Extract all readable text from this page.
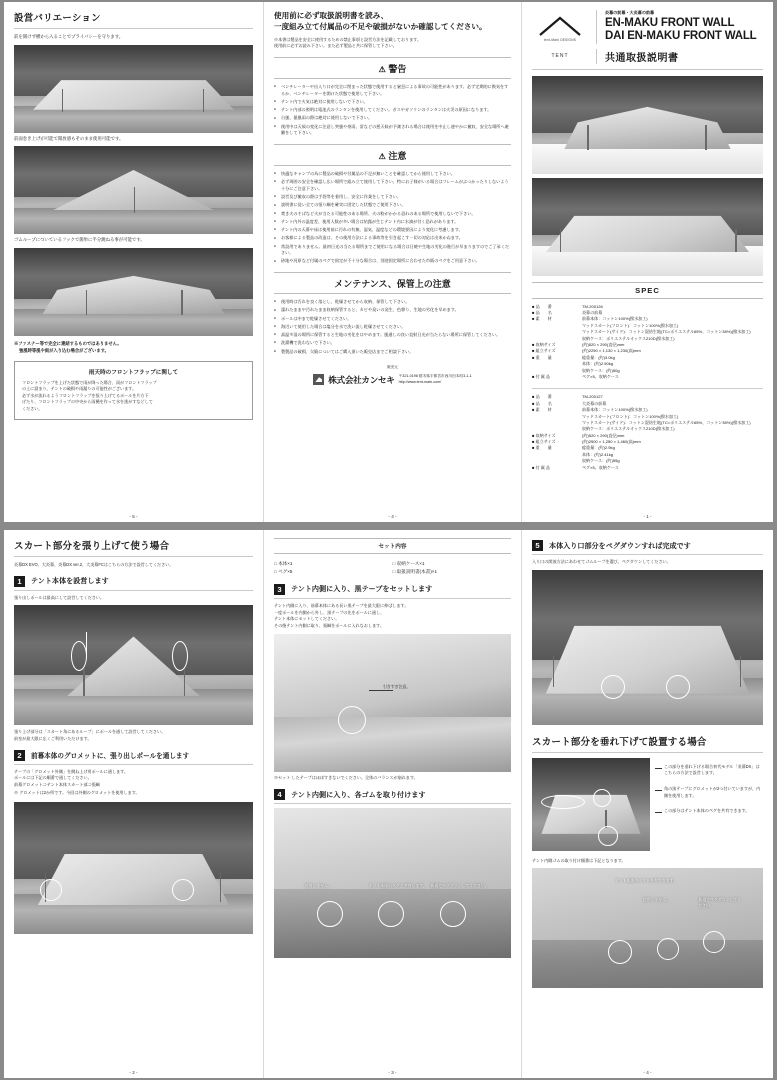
設営バリエーション
前を開けず横から入ることでプライバシーを守ります。
前面巻き上げが可能で開放感もそのまま使用可能です。
ゴムループについているフックで簡単に半分跳ねる事が可能です。
※ファスナー等で完全に連結するものではありません。
強風時等風や雨が入り込む場合がございます。
雨天時のフロントフラップに関して
フロントフラップを上げた状態で雨が降った場合、雨がフロントフラップ
の上に溜まり、テントの破損や雨漏りの可能性がございます。
必ず水が流れるようフロントフラップを張り上げてるポールを片方下
げたり、フロントフラップの中央から雨樋を作って水を逃がすなどして
ください。
- 5 -
使用前に必ず取扱説明書を読み、
一度組み立て付属品の不足や破損がないか確認してください。
※本書は製品を安全に使用するための禁止事項と設営方法を記載しております。
使用前に必ずお読み下さい。また必ず製品と共に保管して下さい。
⚠ 警告
● ベンチレーターや出入り口が完全に閉まった状態で使用すると窒息による事故の可能性があります。必ず定期的に換気をするか、ベンチレーターを開けた状態で使用して下さい。
● テント内で火気は絶対に使用しないで下さい。
● テント内部の照明は電池式のランタンを使用してください。ガスやガソリンのランタンは火災の原因になります。
● 台風、暴風雨の際は絶対に使用しないで下さい。
● 使用中は天候の変化に注意し突風や豪雨、雷などの悪天候が予測される場合は使用を中止し速やかに撤収、安全な場所へ避難をして下さい。
⚠ 注意
● 快適なキャンプの為に製品の破損や付属品の不足が無いことを確認してから使用して下さい。
● 必ず周囲の安全を確認し広い場所で組み立て使用して下さい。特にお子様がいる場合はフレームがぶつかったりしないよう十分にご注意下さい。
● 設営及び撤収の際は手袋等を着用し、安全に作業をして下さい。
● 説明書に従い全ての張り綱を確実に固定した状態でご使用下さい。
● 焚き火のそばなど火が当たる可能性のある場所、火の粉がかかる恐れのある場所で使用しないで下さい。
● テント内外の温度差、使用人数が多い場合は結露が生じテント内に水滴が付く恐れがあります。
● テント内の天幕や床は使用前に汚れの有無、湿気、温度などの環境要因により変化に考慮します。
● お客様による製品の改造は、その使用方法による事故等を引き起こす一切の対応は出来かねます。
● 常設用でありません。最初日光の当たる場所までご使用になる場合は日焼や生地の劣化の進行が早まりますのでご了承ください。
● 砂地や河原など付属のペグで固定が不十分な場合は、別途固定場所に合わせた市販のペグをご用意下さい。
メンテナンス、保管上の注意
● 使用時は汚れを良く落とし、乾燥させてから収納、保管して下さい。
● 濡れたままや汚れたまま収納保管すると、カビや臭いの発生、色移り、生地の劣化を早めます。
● ポールは中まで乾燥させてください。
● 海辺いて使用した場合は塩分を水で洗い流し乾燥させてください。
● 高温多湿の場所に保管すると生地の劣化をはやめます。風通しの良い直射日光が当たらない場所に保管してください。
● 洗濯機で洗わないで下さい。
● 製製品の破損、欠陥についてはご購入頂いた販売店までご相談下さい。
販売元
株式会社カンセキ 〒321-0198 栃木県宇都宮市西川田本町3-1-1
http://www.tent-mark.com/
- 4 -
tent-Mark DESIGNS
炎幕の前幕・大炎幕の前幕
EN-MAKU FRONT WALL
DAI EN-MAKU FRONT WALL
TENT	共通取扱説明書
SPEC
■ 品　　番	TM-200126
■ 品　　名	炎幕の前幕
■ 素　　材	前幕本体：コットン100%(撥水加工)
マッドスカート(フロント)：コットン100%(撥水加工)
マッドスカート(サイド)：コットン混紡生地(TC=ポリエステル65%、コットン35%)(撥水加工)
収納ケース：ポリエステルオックス210D(撥水加工)
■ 収納サイズ	(約)520 × 290(直径)mm
■ 組立サイズ	(約)2250 × 1,130 × 1,230(高)mm
■ 重　　量	総重量：(約)3.0kg
本体：(約)2.50kg
収納ケース：(約)50g
■ 付 属 品	ペグ×5、収納ケース
■ 品　　番	TM-200127
■ 品　　名	大炎幕の前幕
■ 素　　材	前幕本体：コットン100%(撥水加工)
マッドスカート(フロント)：コットン100%(撥水加工)
マッドスカート(サイド)：コットン混紡生地(TC=ポリエステル65%、コットン35%)(撥水加工)
収納ケース：ポリエステルオックス210D(撥水加工)
■ 収納サイズ	(約)520 × 290(直径)mm
■ 組立サイズ	(約)2500 × 1,250 × 1,460(高)mm
■ 重　　量	総重量：(約)2.9kg
本体：(約)2.41kg
収納ケース：(約)55g
■ 付 属 品	ペグ×5、収納ケース
- 1 -
スカート部分を張り上げて使う場合
炎幕DX EVO、大炎幕、炎幕DX ver.2、大炎幕FCはこちらの方法で設営してください。
1	テント本体を設営します
張り出しポールは最高にして設営してください。
張り上げ部分は「スカート角にあるループ」にポールを通して設営してください。
前室が最大限に広くご利用いただけます。
2	前幕本体のグロメットに、張り出しポールを通します
テープの「グロメット外側」を跳ね上げ用ポールに通します。
ポールには下記の順番で通してください。
前幕グロメット⇒テント本体スカート部⇒張綱
※ グロメットは2か所です。今回は外側のグロメットを使用します。
- 2 -
セット内容
□ 本体×1	□ 収納ケース×1
□ ペグ×5	□ 取扱説明書(本書)×1
3	テント内側に入り、黒テープをセットします
テント内側に入り、前幕本体にある長い黒テープを最大限に伸ばします。
一度ポールを内側から外し、黒テープの先をポールに通し、
テント本体にセットしてください。
その後テント内側に取り、張綱をポールに入れなおします。
引きすぎ注意。
※セット したテープはほぼすきないでください。全体のバランスが崩れます。
4	テント内側に入り、各ゴムを取り付けます
使用しません。	テント本体のペグと共有します。 新規でペグダウンしてください。
- 3 -
5	本体入り口部分をペグダウンすれば完成です
入り口の開放方法にあわせてゴムループを選び、ペグダウンしてください。
スカート部分を垂れ下げて設置する場合
この部分を垂れ下げる場合初代モデル「炎幕DX」はこちらの方法で設営します。
角の黒テープにグロメットが2つ付いていますが、内側を使用します。
この部分はテント本体のペグを共有できます。
テント内側ゴムの取り付け順番は下記となります。
テント本体のペグと共有できます。
使用しません。	新規でペグダウンしてください。
- 4 -
